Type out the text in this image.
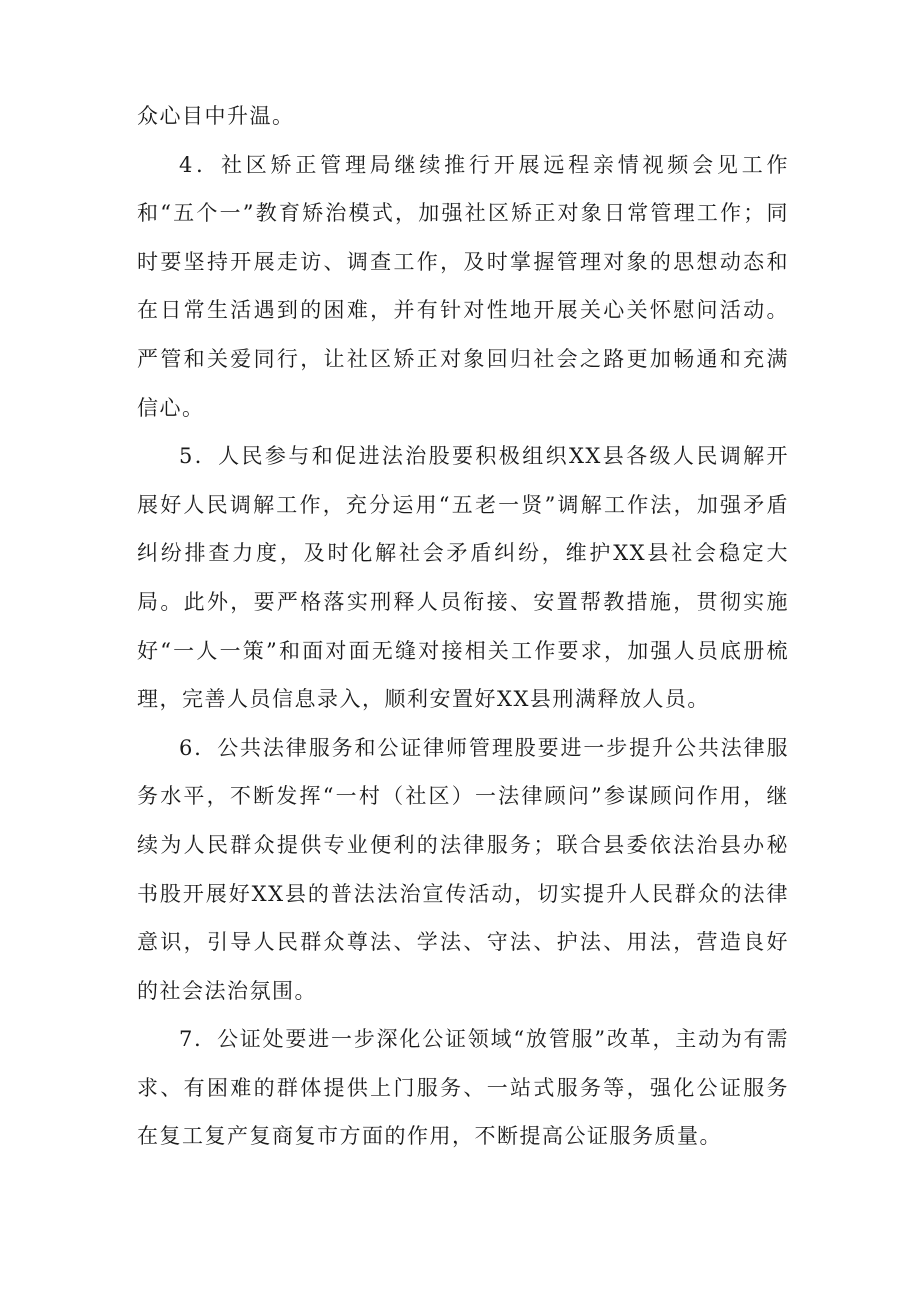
众心目中升温。

4．社区矫正管理局继续推行开展远程亲情视频会见工作和“五个一”教育矫治模式，加强社区矫正对象日常管理工作；同时要坚持开展走访、调查工作，及时掌握管理对象的思想动态和在日常生活遇到的困难，并有针对性地开展关心关怀慰问活动。严管和关爱同行，让社区矫正对象回归社会之路更加畅通和充满信心。

5．人民参与和促进法治股要积极组织XX县各级人民调解开展好人民调解工作，充分运用“五老一贤”调解工作法，加强矛盾纠纷排查力度，及时化解社会矛盾纠纷，维护XX县社会稳定大局。此外，要严格落实刑释人员衔接、安置帮教措施，贯彻实施好“一人一策”和面对面无缝对接相关工作要求，加强人员底册梳理，完善人员信息录入，顺利安置好XX县刑满释放人员。

6．公共法律服务和公证律师管理股要进一步提升公共法律服务水平，不断发挥“一村（社区）一法律顾问”参谋顾问作用，继续为人民群众提供专业便利的法律服务；联合县委依法治县办秘书股开展好XX县的普法法治宣传活动，切实提升人民群众的法律意识，引导人民群众尊法、学法、守法、护法、用法，营造良好的社会法治氛围。

7．公证处要进一步深化公证领域“放管服”改革，主动为有需求、有困难的群体提供上门服务、一站式服务等，强化公证服务在复工复产复商复市方面的作用，不断提高公证服务质量。
